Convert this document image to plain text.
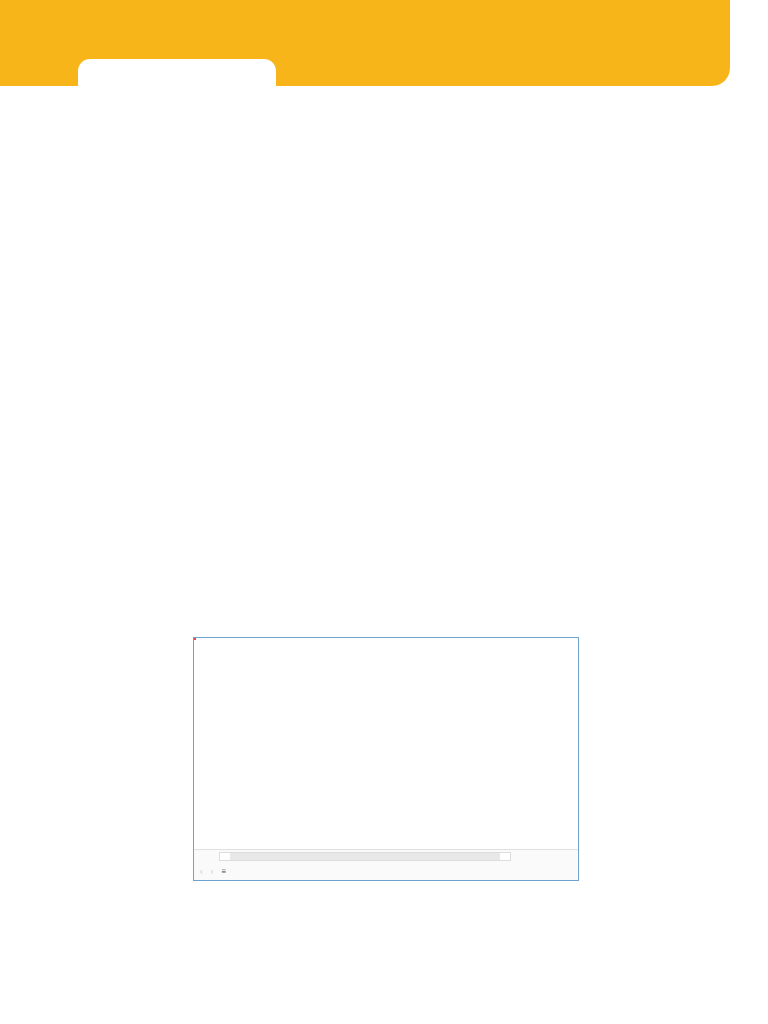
‹ › ≡
